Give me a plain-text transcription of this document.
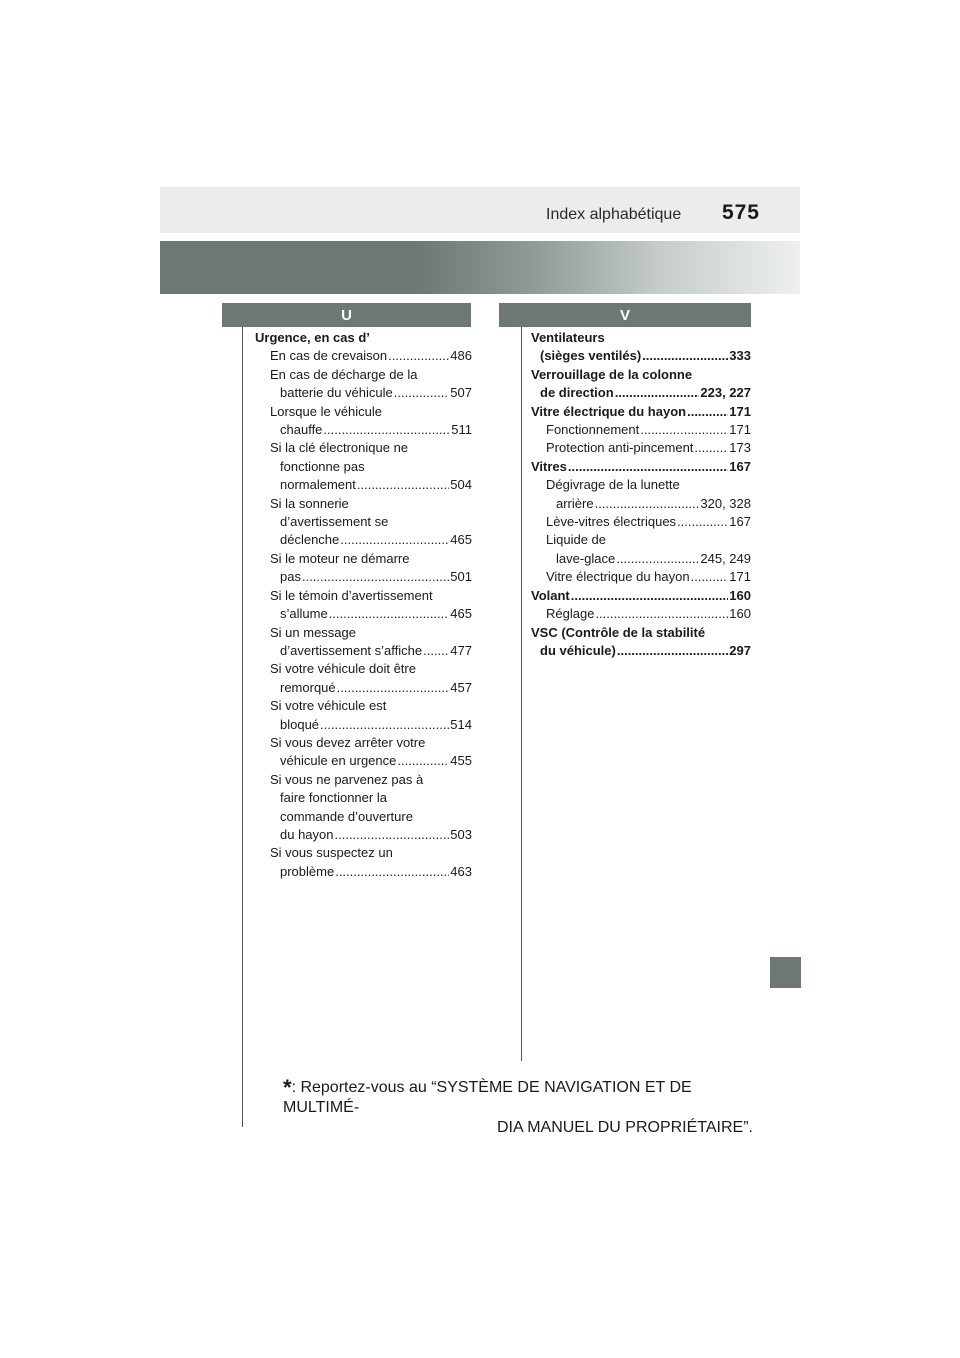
Index alphabétique 575
U	V
Urgence, en cas d’
En cas de crevaison .....	486
En cas de décharge de la
batterie du véhicule .....	507
Lorsque le véhicule
chauffe .....	511
Si la clé électronique ne
fonctionne pas
normalement .....	504
Si la sonnerie
d’avertissement se
déclenche .....	465
Si le moteur ne démarre
pas .....	501
Si le témoin d’avertissement
s’allume .....	465
Si un message
d’avertissement s’affiche ..... 477
Si votre véhicule doit être
remorqué .....	457
Si votre véhicule est
bloqué .....	514
Si vous devez arrêter votre
véhicule en urgence .....	455
Si vous ne parvenez pas à
faire fonctionner la
commande d’ouverture
du hayon .....	503
Si vous suspectez un
problème .....	463
Ventilateurs
(sièges ventilés) .....	333
Verrouillage de la colonne
de direction .....	223, 227
Vitre électrique du hayon .....	171
Fonctionnement .....	171
Protection anti-pincement .....	173
Vitres .....	167
Dégivrage de la lunette
arrière .....	320, 328
Lève-vitres électriques .....	167
Liquide de
lave-glace .....	245, 249
Vitre électrique du hayon .....	171
Volant .....	160
Réglage .....	160
VSC (Contrôle de la stabilité
du véhicule) .....	297
*: Reportez-vous au “SYSTÈME DE NAVIGATION ET DE MULTIMÉ-
DIA MANUEL DU PROPRIÉTAIRE”.
